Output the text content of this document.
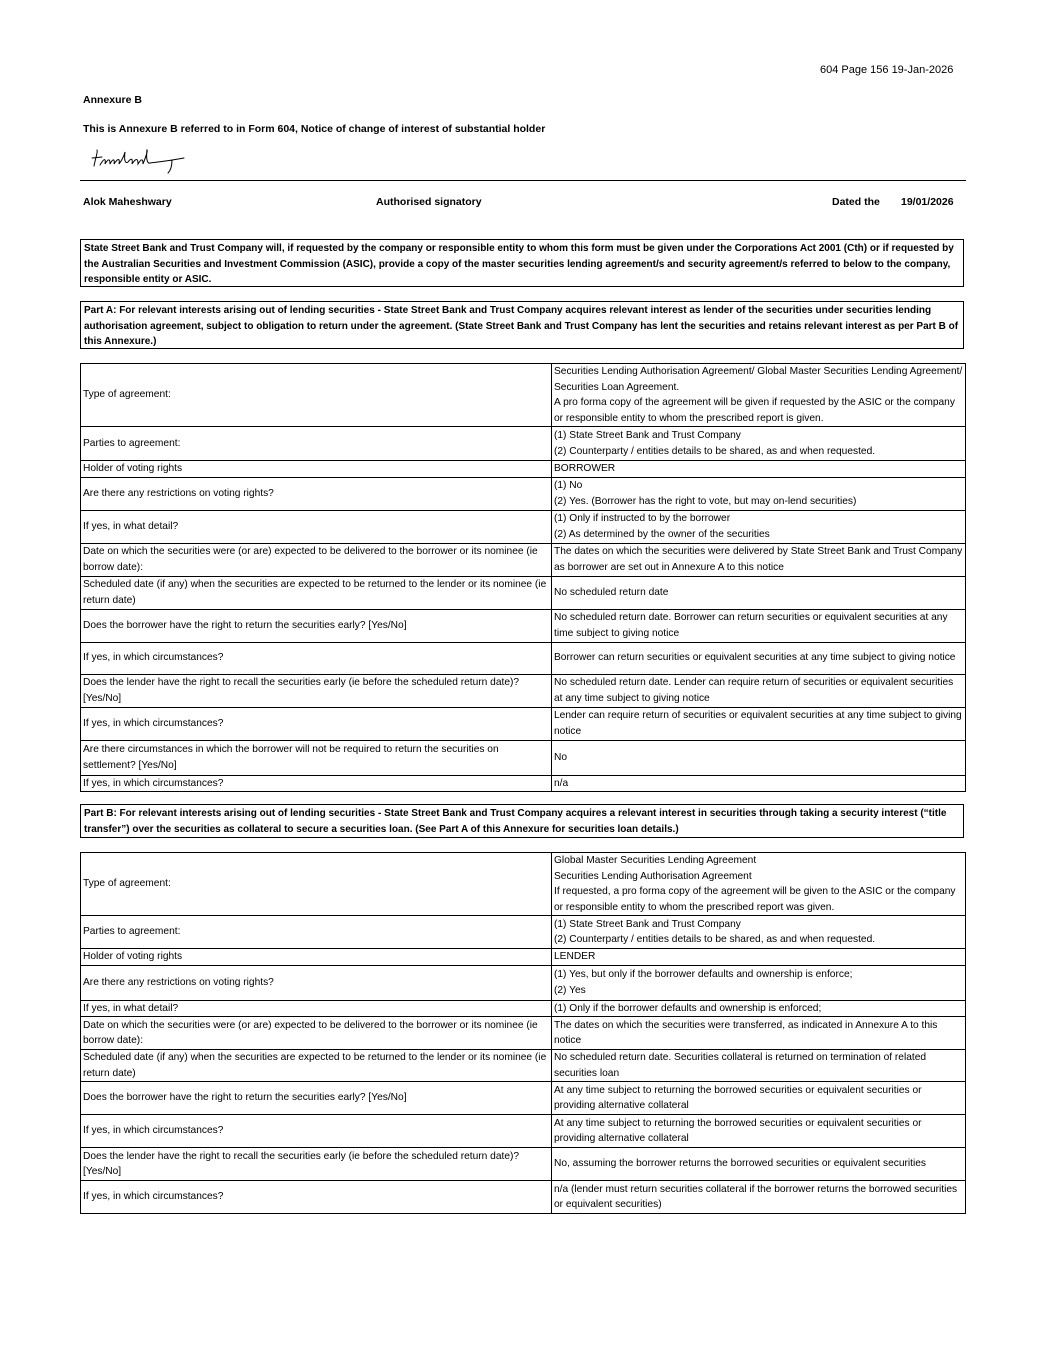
604 Page 156 19-Jan-2026
Annexure B
This is Annexure B referred to in Form 604, Notice of change of interest of substantial holder
Alok Maheshwary	Authorised signatory	Dated the 19/01/2026
State Street Bank and Trust Company will, if requested by the company or responsible entity to whom this form must be given under the Corporations Act 2001 (Cth) or if requested by the Australian Securities and Investment Commission (ASIC), provide a copy of the master securities lending agreement/s and security agreement/s referred to below to the company, responsible entity or ASIC.
Part A: For relevant interests arising out of lending securities - State Street Bank and Trust Company acquires relevant interest as lender of the securities under securities lending authorisation agreement, subject to obligation to return under the agreement. (State Street Bank and Trust Company has lent the securities and retains relevant interest as per Part B of this Annexure.)
Type of agreement:	Securities Lending Authorisation Agreement/ Global Master Securities Lending Agreement/ Securities Loan Agreement.
A pro forma copy of the agreement will be given if requested by the ASIC or the company or responsible entity to whom the prescribed report is given.
Parties to agreement:	(1) State Street Bank and Trust Company
(2) Counterparty / entities details to be shared, as and when requested.
Holder of voting rights	BORROWER
Are there any restrictions on voting rights?	(1) No
(2) Yes. (Borrower has the right to vote, but may on-lend securities)
If yes, in what detail?	(1) Only if instructed to by the borrower
(2) As determined by the owner of the securities
Date on which the securities were (or are) expected to be delivered to the borrower or its nominee (ie borrow date):	The dates on which the securities were delivered by State Street Bank and Trust Company as borrower are set out in Annexure A to this notice
Scheduled date (if any) when the securities are expected to be returned to the lender or its nominee (ie return date)	No scheduled return date
Does the borrower have the right to return the securities early? [Yes/No]	No scheduled return date. Borrower can return securities or equivalent securities at any time subject to giving notice
If yes, in which circumstances?	Borrower can return securities or equivalent securities at any time subject to giving notice
Does the lender have the right to recall the securities early (ie before the scheduled return date)? [Yes/No]	No scheduled return date. Lender can require return of securities or equivalent securities at any time subject to giving notice
If yes, in which circumstances?	Lender can require return of securities or equivalent securities at any time subject to giving notice
Are there circumstances in which the borrower will not be required to return the securities on settlement? [Yes/No]	No
If yes, in which circumstances?	n/a
Part B: For relevant interests arising out of lending securities - State Street Bank and Trust Company acquires a relevant interest in securities through taking a security interest (“title transfer”) over the securities as collateral to secure a securities loan. (See Part A of this Annexure for securities loan details.)
Type of agreement:	Global Master Securities Lending Agreement
Securities Lending Authorisation Agreement
If requested, a pro forma copy of the agreement will be given to the ASIC or the company or responsible entity to whom the prescribed report was given.
Parties to agreement:	(1) State Street Bank and Trust Company
(2) Counterparty / entities details to be shared, as and when requested.
Holder of voting rights	LENDER
Are there any restrictions on voting rights?	(1) Yes, but only if the borrower defaults and ownership is enforce;
(2) Yes
If yes, in what detail?	(1) Only if the borrower defaults and ownership is enforced;
Date on which the securities were (or are) expected to be delivered to the borrower or its nominee (ie borrow date):	The dates on which the securities were transferred, as indicated in Annexure A to this notice
Scheduled date (if any) when the securities are expected to be returned to the lender or its nominee (ie return date)	No scheduled return date. Securities collateral is returned on termination of related securities loan
Does the borrower have the right to return the securities early? [Yes/No]	At any time subject to returning the borrowed securities or equivalent securities or providing alternative collateral
If yes, in which circumstances?	At any time subject to returning the borrowed securities or equivalent securities or providing alternative collateral
Does the lender have the right to recall the securities early (ie before the scheduled return date)? [Yes/No]	No, assuming the borrower returns the borrowed securities or equivalent securities
If yes, in which circumstances?	n/a (lender must return securities collateral if the borrower returns the borrowed securities or equivalent securities)
